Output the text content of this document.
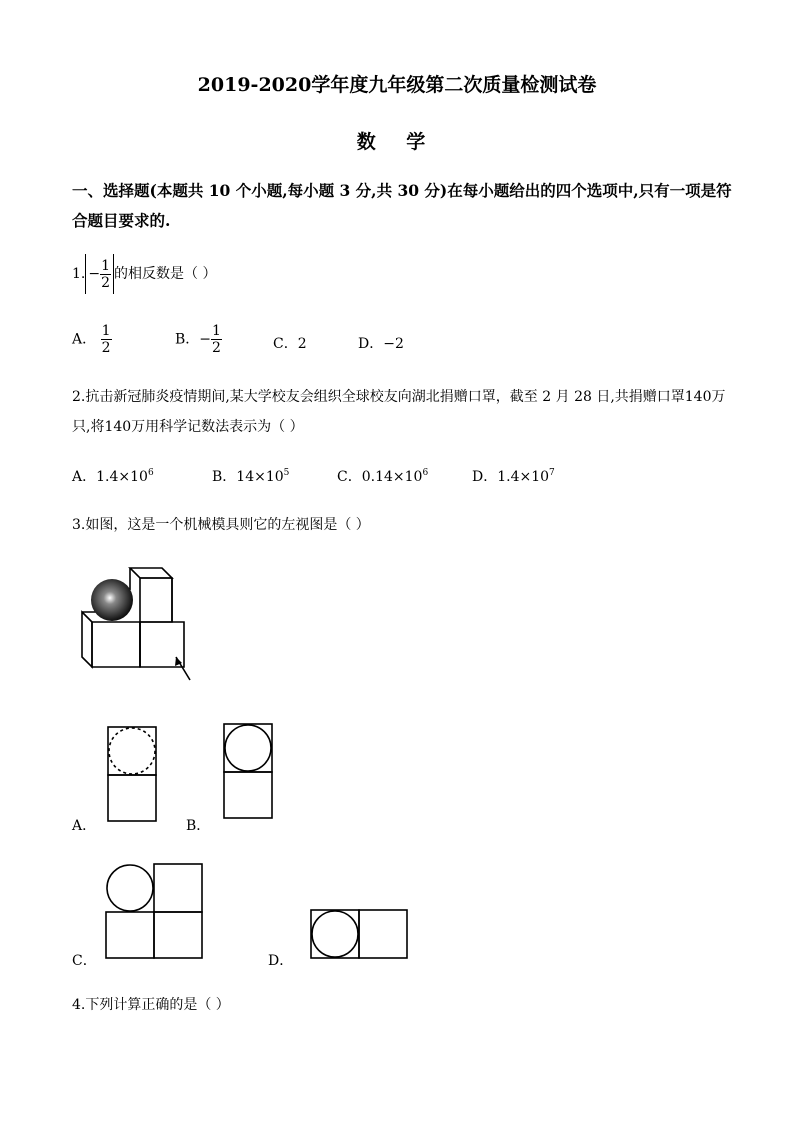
2019-2020学年度九年级第二次质量检测试卷
数 学
一、选择题(本题共 10 个小题,每小题 3 分,共 30 分)在每小题给出的四个选项中,只有一项是符
合题目要求的.
1. − $\frac{1}{2}$ 的相反数是（ ）
A． $\frac{1}{2}$	B．− $\frac{1}{2}$	C．2	D．−2
2.抗击新冠肺炎疫情期间,某大学校友会组织全球校友向湖北捐赠口罩，截至 2 月 28 日,共捐赠口罩140万只,将140万用科学记数法表示为（ ）
A．$1.4\times 10^6$	B．$14\times 10^5$	C．$0.14\times 10^6$	D．$1.4\times 10^7$
3.如图，这是一个机械模具则它的左视图是（ ）
A．	B．
C．	D．
4.下列计算正确的是（ ）
